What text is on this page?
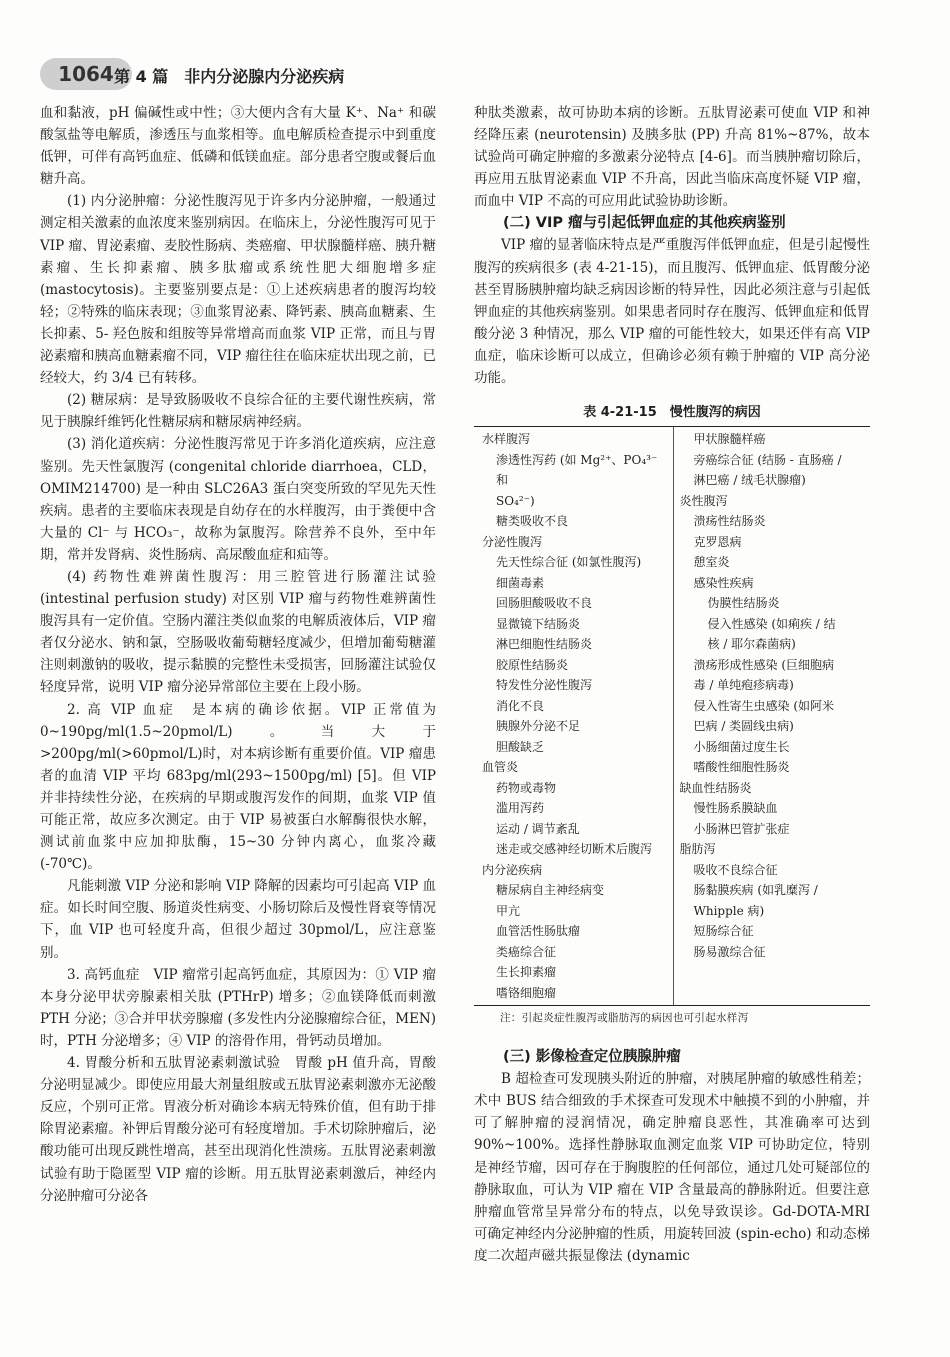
1064 第 4 篇　非内分泌腺内分泌疾病

血和黏液，pH 偏碱性或中性；③大便内含有大量 K⁺、Na⁺ 和碳酸氢盐等电解质，渗透压与血浆相等。血电解质检查提示中到重度低钾，可伴有高钙血症、低磷和低镁血症。部分患者空腹或餐后血糖升高。

(1) 内分泌肿瘤：分泌性腹泻见于许多内分泌肿瘤，一般通过测定相关激素的血浓度来鉴别病因。在临床上，分泌性腹泻可见于 VIP 瘤、胃泌素瘤、麦胶性肠病、类癌瘤、甲状腺髓样癌、胰升糖素瘤、生长抑素瘤、胰多肽瘤或系统性肥大细胞增多症 (mastocytosis)。主要鉴别要点是：①上述疾病患者的腹泻均较轻；②特殊的临床表现；③血浆胃泌素、降钙素、胰高血糖素、生长抑素、5- 羟色胺和组胺等异常增高而血浆 VIP 正常，而且与胃泌素瘤和胰高血糖素瘤不同，VIP 瘤往往在临床症状出现之前，已经较大，约 3/4 已有转移。

(2) 糖尿病：是导致肠吸收不良综合征的主要代谢性疾病，常见于胰腺纤维钙化性糖尿病和糖尿病神经病。

(3) 消化道疾病：分泌性腹泻常见于许多消化道疾病，应注意鉴别。先天性氯腹泻 (congenital chloride diarrhoea，CLD，OMIM214700) 是一种由 SLC26A3 蛋白突变所致的罕见先天性疾病。患者的主要临床表现是自幼存在的水样腹泻，由于粪便中含大量的 Cl⁻ 与 HCO₃⁻，故称为氯腹泻。除营养不良外，至中年期，常并发肾病、炎性肠病、高尿酸血症和疝等。

(4) 药物性难辨菌性腹泻：用三腔管进行肠灌注试验 (intestinal perfusion study) 对区别 VIP 瘤与药物性难辨菌性腹泻具有一定价值。空肠内灌注类似血浆的电解质液体后，VIP 瘤者仅分泌水、钠和氯，空肠吸收葡萄糖轻度减少，但增加葡萄糖灌注则刺激钠的吸收，提示黏膜的完整性未受损害，回肠灌注试验仅轻度异常，说明 VIP 瘤分泌异常部位主要在上段小肠。

2. 高 VIP 血症　是本病的确诊依据。VIP 正常值为 0~190pg/ml(1.5~20pmol/L)。当大于 >200pg/ml(>60pmol/L)时，对本病诊断有重要价值。VIP 瘤患者的血清 VIP 平均 683pg/ml(293~1500pg/ml) [5]。但 VIP 并非持续性分泌，在疾病的早期或腹泻发作的间期，血浆 VIP 值可能正常，故应多次测定。由于 VIP 易被蛋白水解酶很快水解，测试前血浆中应加抑肽酶，15~30 分钟内离心，血浆冷藏 (-70℃)。

凡能刺激 VIP 分泌和影响 VIP 降解的因素均可引起高 VIP 血症。如长时间空腹、肠道炎性病变、小肠切除后及慢性肾衰等情况下，血 VIP 也可轻度升高，但很少超过 30pmol/L，应注意鉴别。

3. 高钙血症　VIP 瘤常引起高钙血症，其原因为：① VIP 瘤本身分泌甲状旁腺素相关肽 (PTHrP) 增多；②血镁降低而刺激 PTH 分泌；③合并甲状旁腺瘤 (多发性内分泌腺瘤综合征，MEN) 时，PTH 分泌增多；④ VIP 的溶骨作用，骨钙动员增加。

4. 胃酸分析和五肽胃泌素刺激试验　胃酸 pH 值升高，胃酸分泌明显减少。即使应用最大剂量组胺或五肽胃泌素刺激亦无泌酸反应，个别可正常。胃液分析对确诊本病无特殊价值，但有助于排除胃泌素瘤。补钾后胃酸分泌可有轻度增加。手术切除肿瘤后，泌酸功能可出现反跳性增高，甚至出现消化性溃疡。五肽胃泌素刺激试验有助于隐匿型 VIP 瘤的诊断。用五肽胃泌素刺激后，神经内分泌肿瘤可分泌各

种肽类激素，故可协助本病的诊断。五肽胃泌素可使血 VIP 和神经降压素 (neurotensin) 及胰多肽 (PP) 升高 81%~87%，故本试验尚可确定肿瘤的多激素分泌特点 [4-6]。而当胰肿瘤切除后，再应用五肽胃泌素血 VIP 不升高，因此当临床高度怀疑 VIP 瘤，而血中 VIP 不高的可应用此试验协助诊断。

(二) VIP 瘤与引起低钾血症的其他疾病鉴别

VIP 瘤的显著临床特点是严重腹泻伴低钾血症，但是引起慢性腹泻的疾病很多 (表 4-21-15)，而且腹泻、低钾血症、低胃酸分泌甚至胃肠胰肿瘤均缺乏病因诊断的特异性，因此必须注意与引起低钾血症的其他疾病鉴别。如果患者同时存在腹泻、低钾血症和低胃酸分泌 3 种情况，那么 VIP 瘤的可能性较大，如果还伴有高 VIP 血症，临床诊断可以成立，但确诊必须有赖于肿瘤的 VIP 高分泌功能。

表 4-21-15　慢性腹泻的病因
水样腹泻
渗透性泻药 (如 Mg²⁺、PO₄³⁻ 和
SO₄²⁻)
糖类吸收不良
分泌性腹泻
先天性综合征 (如氯性腹泻)
细菌毒素
回肠胆酸吸收不良
显微镜下结肠炎
淋巴细胞性结肠炎
胶原性结肠炎
特发性分泌性腹泻
消化不良
胰腺外分泌不足
胆酸缺乏
血管炎
药物或毒物
滥用泻药
运动 / 调节紊乱
迷走或交感神经切断术后腹泻
内分泌疾病
糖尿病自主神经病变
甲亢
血管活性肠肽瘤
类癌综合征
生长抑素瘤
嗜铬细胞瘤
甲状腺髓样癌
旁癌综合征 (结肠 - 直肠癌 /
淋巴癌 / 绒毛状腺瘤)
炎性腹泻
溃疡性结肠炎
克罗恩病
憩室炎
感染性疾病
伪膜性结肠炎
侵入性感染 (如痢疾 / 结
核 / 耶尔森菌病)
溃疡形成性感染 (巨细胞病
毒 / 单纯疱疹病毒)
侵入性寄生虫感染 (如阿米
巴病 / 类圆线虫病)
小肠细菌过度生长
嗜酸性细胞性肠炎
缺血性结肠炎
慢性肠系膜缺血
小肠淋巴管扩张症
脂肪泻
吸收不良综合征
肠黏膜疾病 (如乳糜泻 /
Whipple 病)
短肠综合征
肠易激综合征
注：引起炎症性腹泻或脂肪泻的病因也可引起水样泻

(三) 影像检查定位胰腺肿瘤

B 超检查可发现胰头附近的肿瘤，对胰尾肿瘤的敏感性稍差；术中 BUS 结合细致的手术探查可发现术中触摸不到的小肿瘤，并可了解肿瘤的浸润情况，确定肿瘤良恶性，其准确率可达到 90%~100%。选择性静脉取血测定血浆 VIP 可协助定位，特别是神经节瘤，因可存在于胸腹腔的任何部位，通过几处可疑部位的静脉取血，可认为 VIP 瘤在 VIP 含量最高的静脉附近。但要注意肿瘤血管常呈异常分布的特点，以免导致误诊。Gd-DOTA-MRI 可确定神经内分泌肿瘤的性质，用旋转回波 (spin-echo) 和动态梯度二次超声磁共振显像法 (dynamic
